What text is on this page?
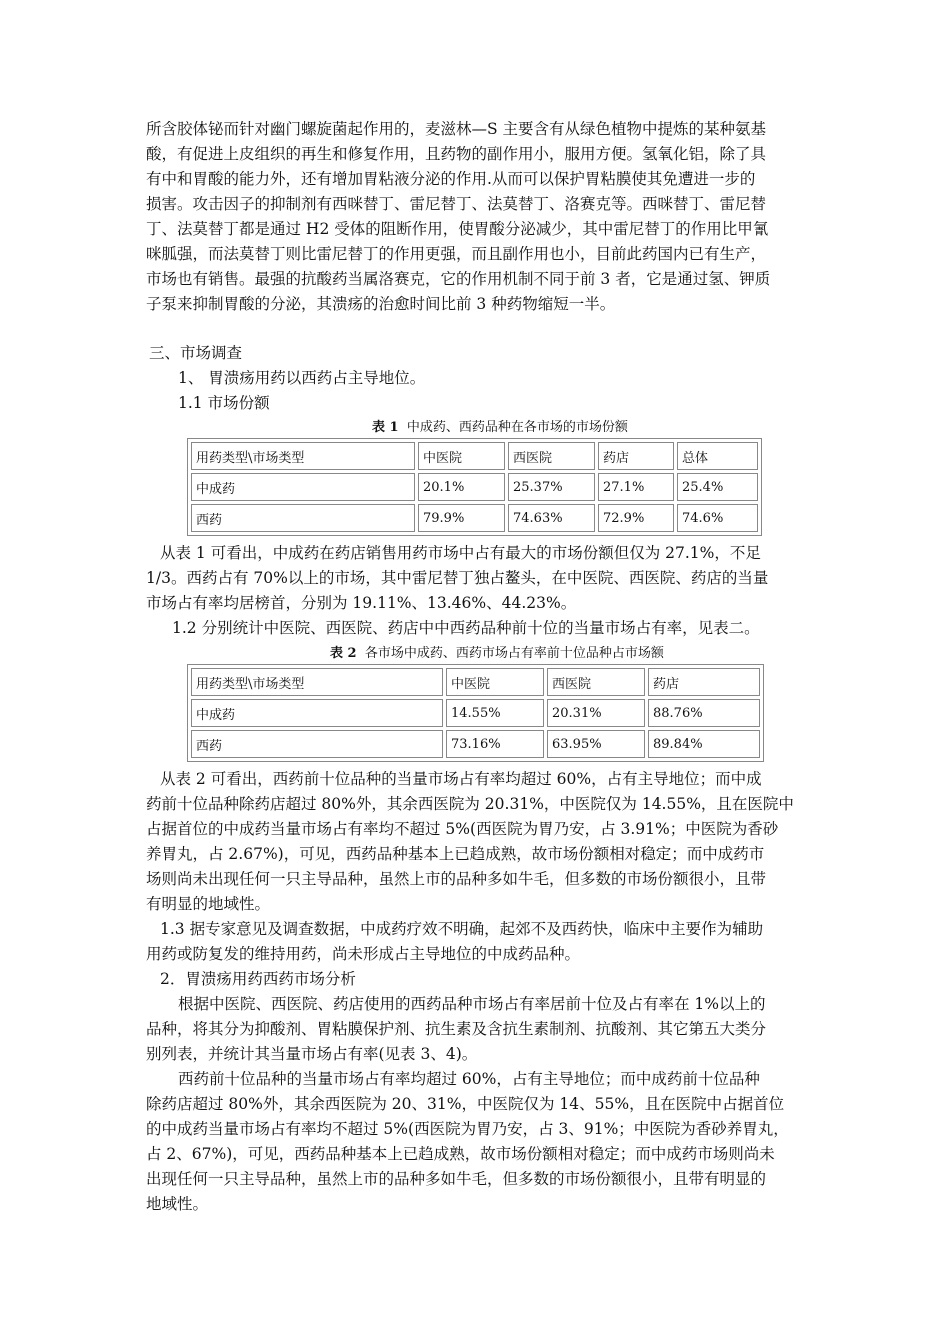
所含胶体铋而针对幽门螺旋菌起作用的，麦滋林—S 主要含有从绿色植物中提炼的某种氨基
酸，有促进上皮组织的再生和修复作用，且药物的副作用小，服用方便。氢氧化铝，除了具
有中和胃酸的能力外，还有增加胃粘液分泌的作用.从而可以保护胃粘膜使其免遭进一步的
损害。攻击因子的抑制剂有西咪替丁、雷尼替丁、法莫替丁、洛赛克等。西咪替丁、雷尼替
丁、法莫替丁都是通过 H2 受体的阻断作用，使胃酸分泌减少，其中雷尼替丁的作用比甲氰
咪胍强，而法莫替丁则比雷尼替丁的作用更强，而且副作用也小，目前此药国内已有生产，
市场也有销售。最强的抗酸药当属洛赛克，它的作用机制不同于前 3 者，它是通过氢、钾质
子泵来抑制胃酸的分泌，其溃疡的治愈时间比前 3 种药物缩短一半。
三、市场调查
1、 胃溃疡用药以西药占主导地位。
1.1 市场份额
表 1 中成药、西药品种在各市场的市场份额
用药类型\市场类型	中医院	西医院	药店	总体
中成药	20.1%	25.37%	27.1%	25.4%
西药	79.9%	74.63%	72.9%	74.6%
从表 1 可看出，中成药在药店销售用药市场中占有最大的市场份额但仅为 27.1%，不足
1/3。西药占有 70%以上的市场，其中雷尼替丁独占鳌头，在中医院、西医院、药店的当量
市场占有率均居榜首，分别为 19.11%、13.46%、44.23%。
1.2 分别统计中医院、西医院、药店中中西药品种前十位的当量市场占有率，见表二。
表 2 各市场中成药、西药市场占有率前十位品种占市场额
用药类型\市场类型	中医院	西医院	药店
中成药	14.55%	20.31%	88.76%
西药	73.16%	63.95%	89.84%
从表 2 可看出，西药前十位品种的当量市场占有率均超过 60%，占有主导地位；而中成
药前十位品种除药店超过 80%外，其余西医院为 20.31%，中医院仅为 14.55%，且在医院中
占据首位的中成药当量市场占有率均不超过 5%(西医院为胃乃安，占 3.91%；中医院为香砂
养胃丸，占 2.67%)，可见，西药品种基本上已趋成熟，故市场份额相对稳定；而中成药市
场则尚未出现任何一只主导品种，虽然上市的品种多如牛毛，但多数的市场份额很小，且带
有明显的地域性。
1.3 据专家意见及调查数据，中成药疗效不明确，起郊不及西药快，临床中主要作为辅助
用药或防复发的维持用药，尚未形成占主导地位的中成药品种。
2．胃溃疡用药西药市场分析
根据中医院、西医院、药店使用的西药品种市场占有率居前十位及占有率在 1%以上的
品种，将其分为抑酸剂、胃粘膜保护剂、抗生素及含抗生素制剂、抗酸剂、其它第五大类分
别列表，并统计其当量市场占有率(见表 3、4)。
西药前十位品种的当量市场占有率均超过 60%，占有主导地位；而中成药前十位品种
除药店超过 80%外，其余西医院为 20、31%，中医院仅为 14、55%，且在医院中占据首位
的中成药当量市场占有率均不超过 5%(西医院为胃乃安，占 3、91%；中医院为香砂养胃丸，
占 2、67%)，可见，西药品种基本上已趋成熟，故市场份额相对稳定；而中成药市场则尚未
出现任何一只主导品种，虽然上市的品种多如牛毛，但多数的市场份额很小，且带有明显的
地域性。
